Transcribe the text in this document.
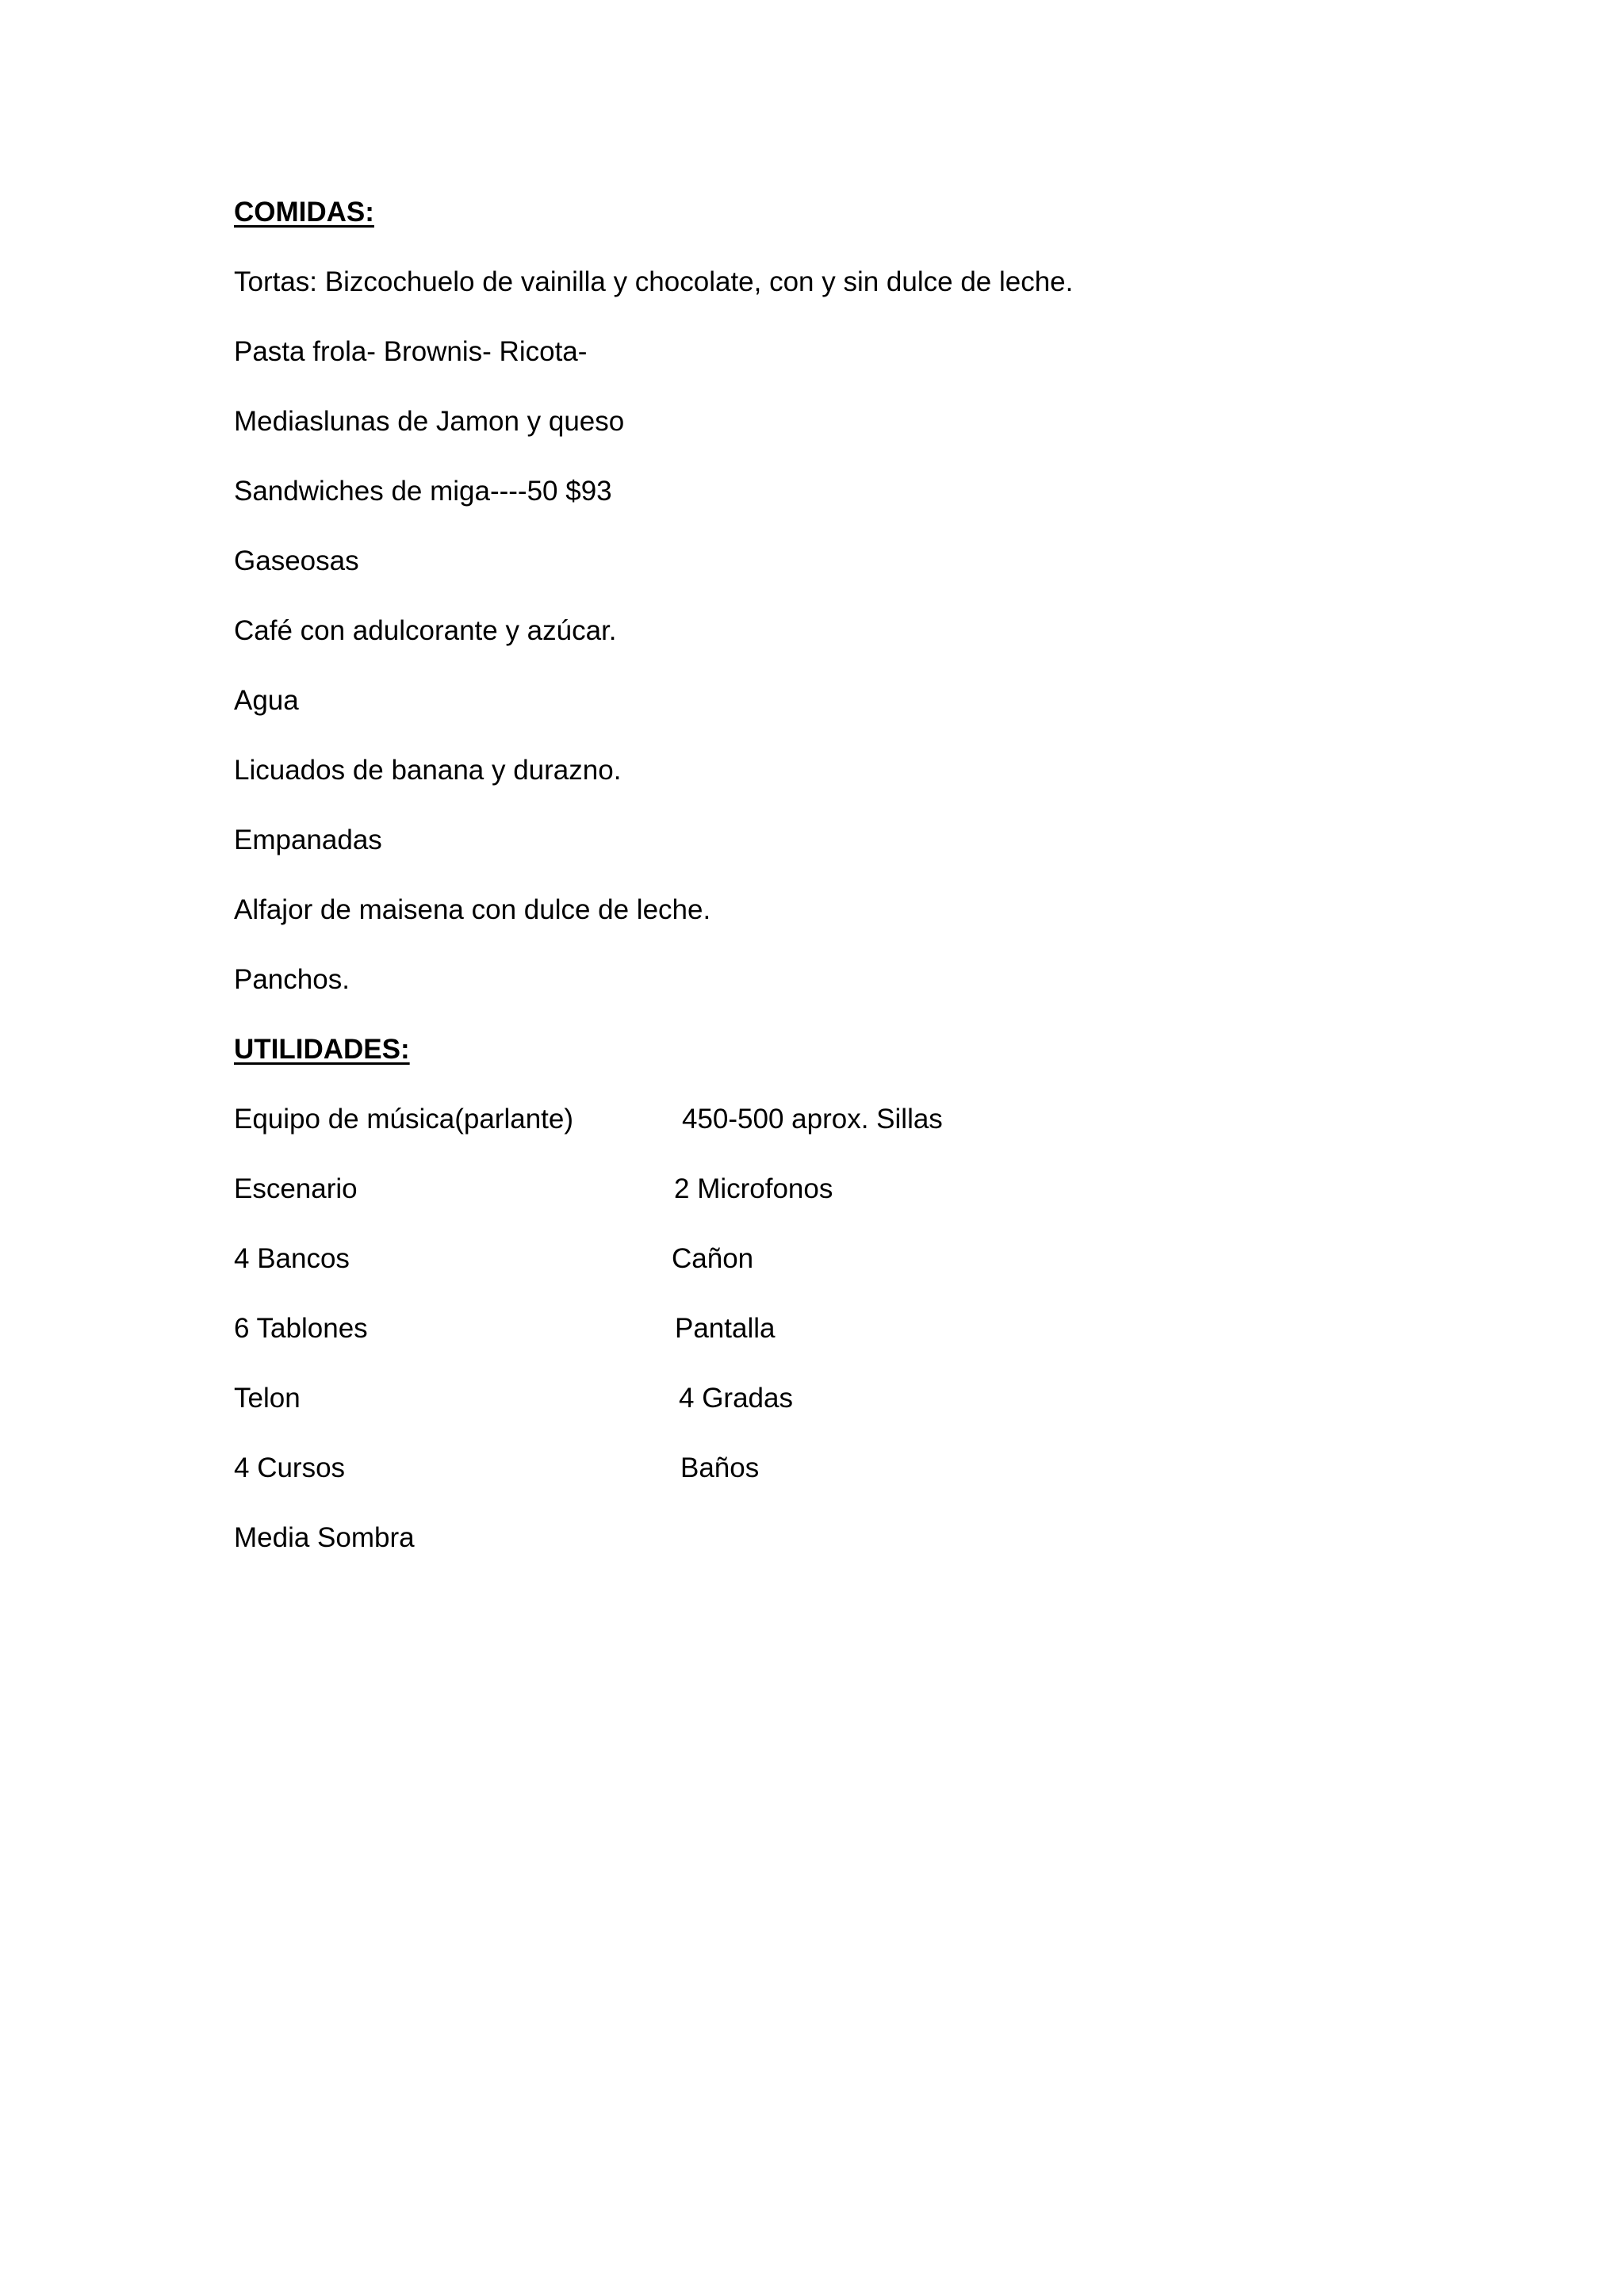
COMIDAS:
Tortas: Bizcochuelo de vainilla y chocolate, con y sin dulce de leche.
Pasta frola- Brownis- Ricota-
Mediaslunas de Jamon y queso
Sandwiches de miga----50 $93
Gaseosas
Café con adulcorante y azúcar.
Agua
Licuados de banana y durazno.
Empanadas
Alfajor de maisena con dulce de leche.
Panchos.
UTILIDADES:
Equipo de música(parlante)	450-500 aprox. Sillas
Escenario	2 Microfonos
4 Bancos	Cañon
6 Tablones	Pantalla
Telon	4 Gradas
4 Cursos	Baños
Media Sombra
